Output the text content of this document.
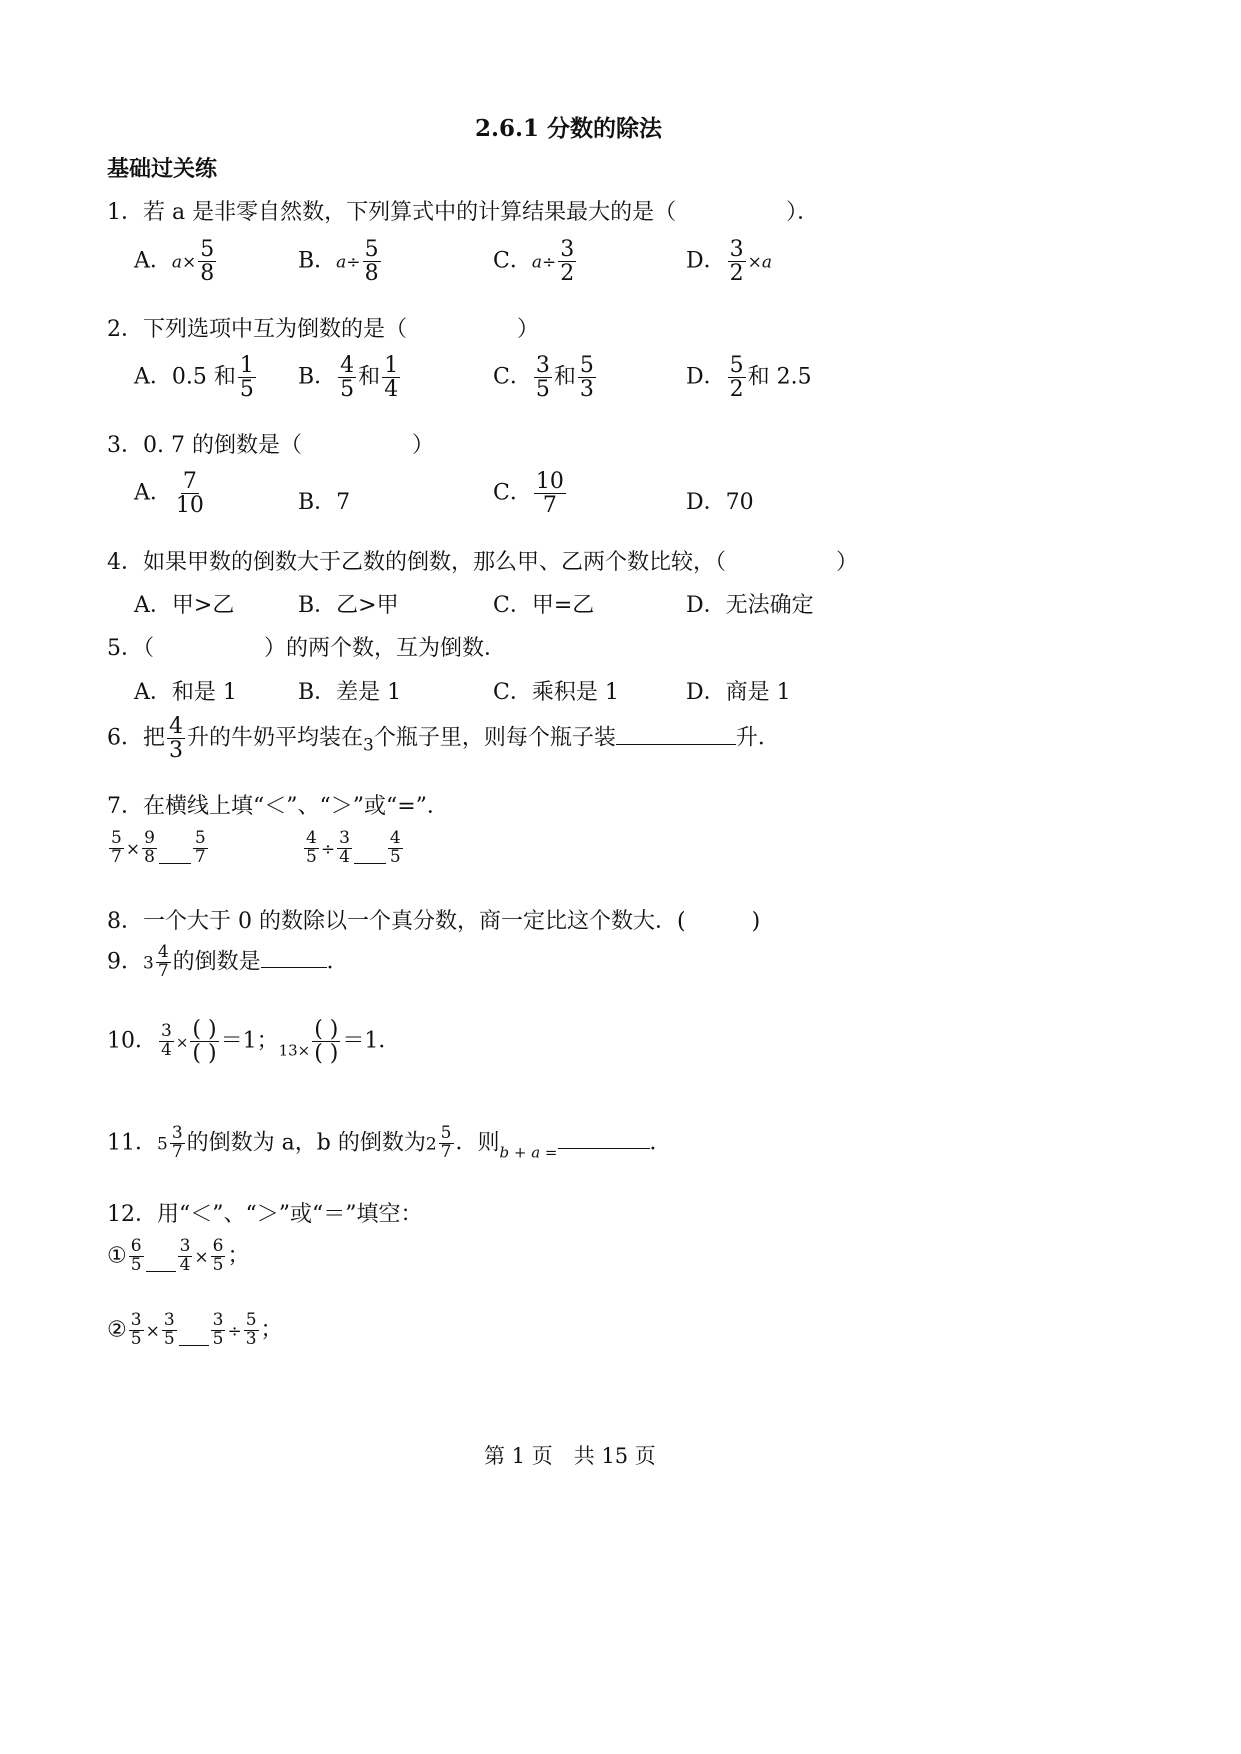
2.6.1 分数的除法
基础过关练
1．若 a 是非零自然数，下列算式中的计算结果最大的是（　　　　　）．
A．$a\times \frac{5}{8}$	B．$a\div \frac{5}{8}$	C．$a\div \frac{3}{2}$	D． $\frac{3}{2} \times a$
2．下列选项中互为倒数的是（　　　　　）
A．0.5 和 $\frac{1}{5}$ B． $\frac{4}{5}$ 和 $\frac{1}{4}$	C． $\frac{3}{5}$ 和 $\frac{5}{3}$	D． $\frac{5}{2}$ 和 2.5
3．0. 7 的倒数是（　　　　　）
A． $\frac{7}{10}$	B．7	C． $\frac{10}{7}$	D．70
4．如果甲数的倒数大于乙数的倒数，那么甲、乙两个数比较，（　　　　　）
A．甲>乙	B．乙>甲	C．甲=乙	D．无法确定
5．（　　　　　）的两个数，互为倒数．
A．和是 1	B．差是 1	C．乘积是 1	D．商是 1
6．把 $\frac{4}{3}$ 升的牛奶平均装在$_3$个瓶子里，则每个瓶子装	升．
7．在横线上填“＜”、“＞”或“=”．
$\frac{5}{7} \times \frac{9}{8} \frac{5}{7}$	$\frac{4}{5} \div \frac{3}{4} \frac{4}{5}$
8．一个大于 0 的数除以一个真分数，商一定比这个数大．(　　　)
9．$3 \frac{4}{7}$ 的倒数是	．
10． $\frac{3}{4} \times \frac{( )}{( )} =1$；$_{13\times} \frac{( )}{( )} =1$．
11．$5 \frac{3}{7}$ 的倒数为 a，b 的倒数为$2 \frac{5}{7}$ ．则$_{b + a =}$	．
12．用“＜”、“＞”或“＝”填空：
① $\frac{6}{5} \frac{3}{4} \times \frac{6}{5}$ ；
② $\frac{3}{5} \times \frac{3}{5} \frac{3}{5} \div \frac{5}{3}$ ；
第 1 页　共 15 页
